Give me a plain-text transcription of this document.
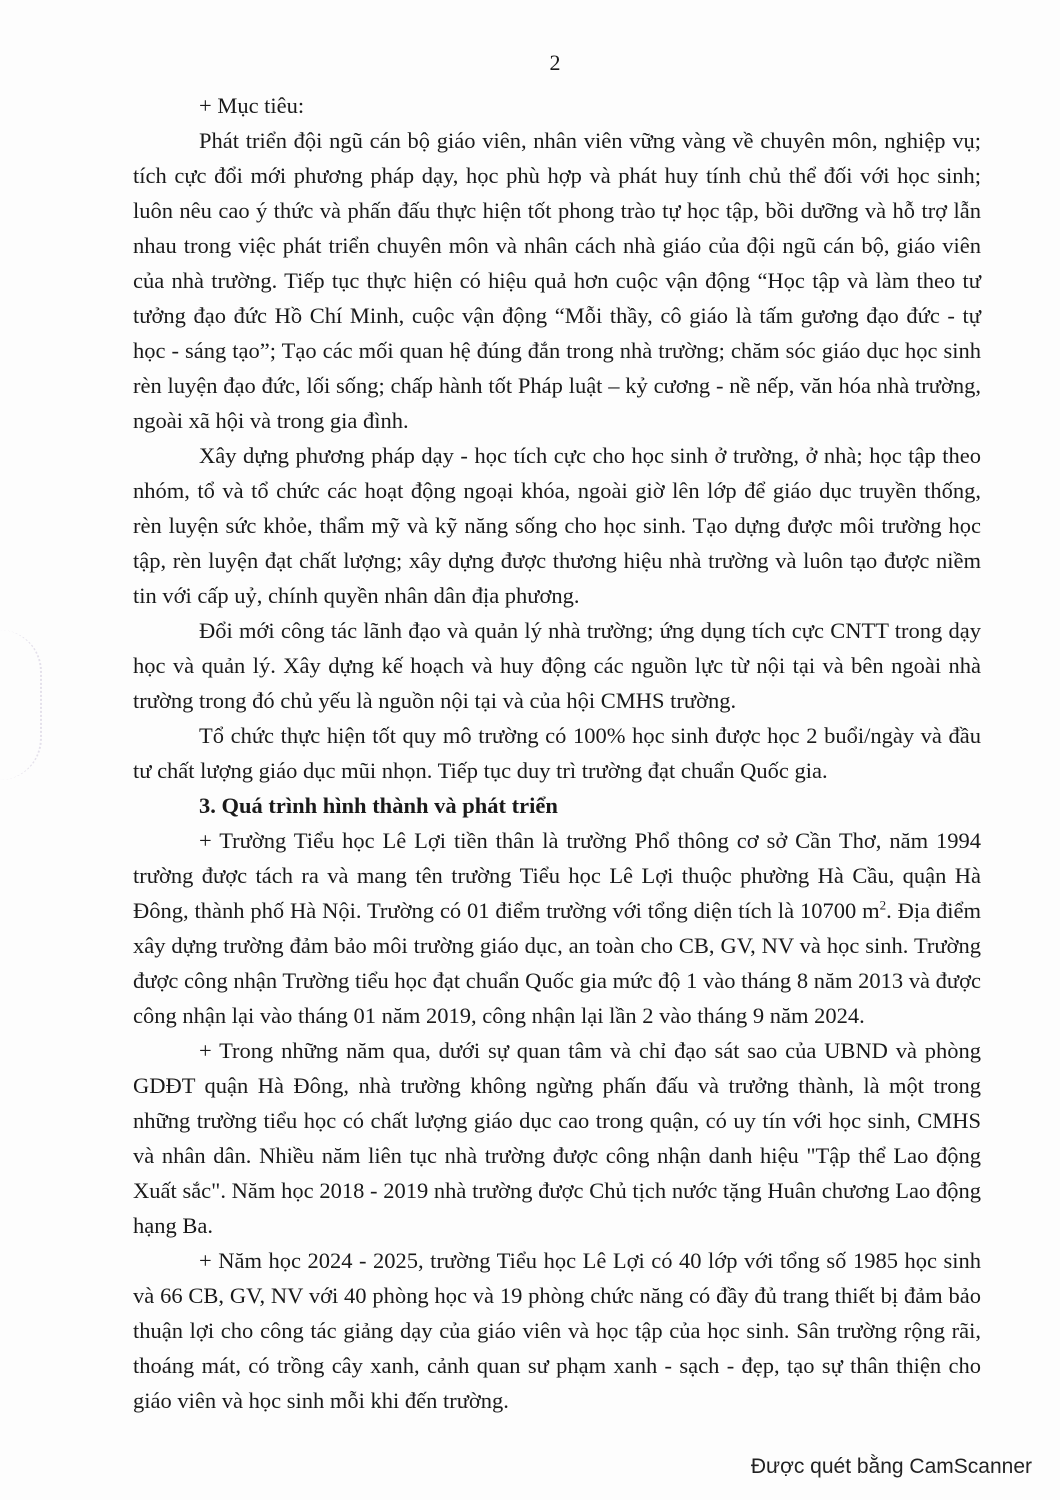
2

+ Mục tiêu:

Phát triển đội ngũ cán bộ giáo viên, nhân viên vững vàng về chuyên môn, nghiệp vụ; tích cực đổi mới phương pháp dạy, học phù hợp và phát huy tính chủ thể đối với học sinh; luôn nêu cao ý thức và phấn đấu thực hiện tốt phong trào tự học tập, bồi dưỡng và hỗ trợ lẫn nhau trong việc phát triển chuyên môn và nhân cách nhà giáo của đội ngũ cán bộ, giáo viên của nhà trường. Tiếp tục thực hiện có hiệu quả hơn cuộc vận động “Học tập và làm theo tư tưởng đạo đức Hồ Chí Minh, cuộc vận động “Mỗi thầy, cô giáo là tấm gương đạo đức - tự học - sáng tạo”; Tạo các mối quan hệ đúng đắn trong nhà trường; chăm sóc giáo dục học sinh rèn luyện đạo đức, lối sống; chấp hành tốt Pháp luật – kỷ cương - nề nếp, văn hóa nhà trường, ngoài xã hội và trong gia đình.

Xây dựng phương pháp dạy - học tích cực cho học sinh ở trường, ở nhà; học tập theo nhóm, tổ và tổ chức các hoạt động ngoại khóa, ngoài giờ lên lớp để giáo dục truyền thống, rèn luyện sức khỏe, thẩm mỹ và kỹ năng sống cho học sinh. Tạo dựng được môi trường học tập, rèn luyện đạt chất lượng; xây dựng được thương hiệu nhà trường và luôn tạo được niềm tin với cấp uỷ, chính quyền nhân dân địa phương.

Đổi mới công tác lãnh đạo và quản lý nhà trường; ứng dụng tích cực CNTT trong dạy học và quản lý. Xây dựng kế hoạch và huy động các nguồn lực từ nội tại và bên ngoài nhà trường trong đó chủ yếu là nguồn nội tại và của hội CMHS trường.

Tổ chức thực hiện tốt quy mô trường có 100% học sinh được học 2 buổi/ngày và đầu tư chất lượng giáo dục mũi nhọn. Tiếp tục duy trì trường đạt chuẩn Quốc gia.

3. Quá trình hình thành và phát triển

+ Trường Tiểu học Lê Lợi tiền thân là trường Phổ thông cơ sở Cần Thơ, năm 1994 trường được tách ra và mang tên trường Tiểu học Lê Lợi thuộc phường Hà Cầu, quận Hà Đông, thành phố Hà Nội. Trường có 01 điểm trường với tổng diện tích là 10700 $m^2$. Địa điểm xây dựng trường đảm bảo môi trường giáo dục, an toàn cho CB, GV, NV và học sinh. Trường được công nhận Trường tiểu học đạt chuẩn Quốc gia mức độ 1 vào tháng 8 năm 2013 và được công nhận lại vào tháng 01 năm 2019, công nhận lại lần 2 vào tháng 9 năm 2024.

+ Trong những năm qua, dưới sự quan tâm và chỉ đạo sát sao của UBND và phòng GDĐT quận Hà Đông, nhà trường không ngừng phấn đấu và trưởng thành, là một trong những trường tiểu học có chất lượng giáo dục cao trong quận, có uy tín với học sinh, CMHS và nhân dân. Nhiều năm liên tục nhà trường được công nhận danh hiệu "Tập thể Lao động Xuất sắc". Năm học 2018 - 2019 nhà trường được Chủ tịch nước tặng Huân chương Lao động hạng Ba.

+ Năm học 2024 - 2025, trường Tiểu học Lê Lợi có 40 lớp với tổng số 1985 học sinh và 66 CB, GV, NV với 40 phòng học và 19 phòng chức năng có đầy đủ trang thiết bị đảm bảo thuận lợi cho công tác giảng dạy của giáo viên và học tập của học sinh. Sân trường rộng rãi, thoáng mát, có trồng cây xanh, cảnh quan sư phạm xanh - sạch - đẹp, tạo sự thân thiện cho giáo viên và học sinh mỗi khi đến trường.

Được quét bằng CamScanner
